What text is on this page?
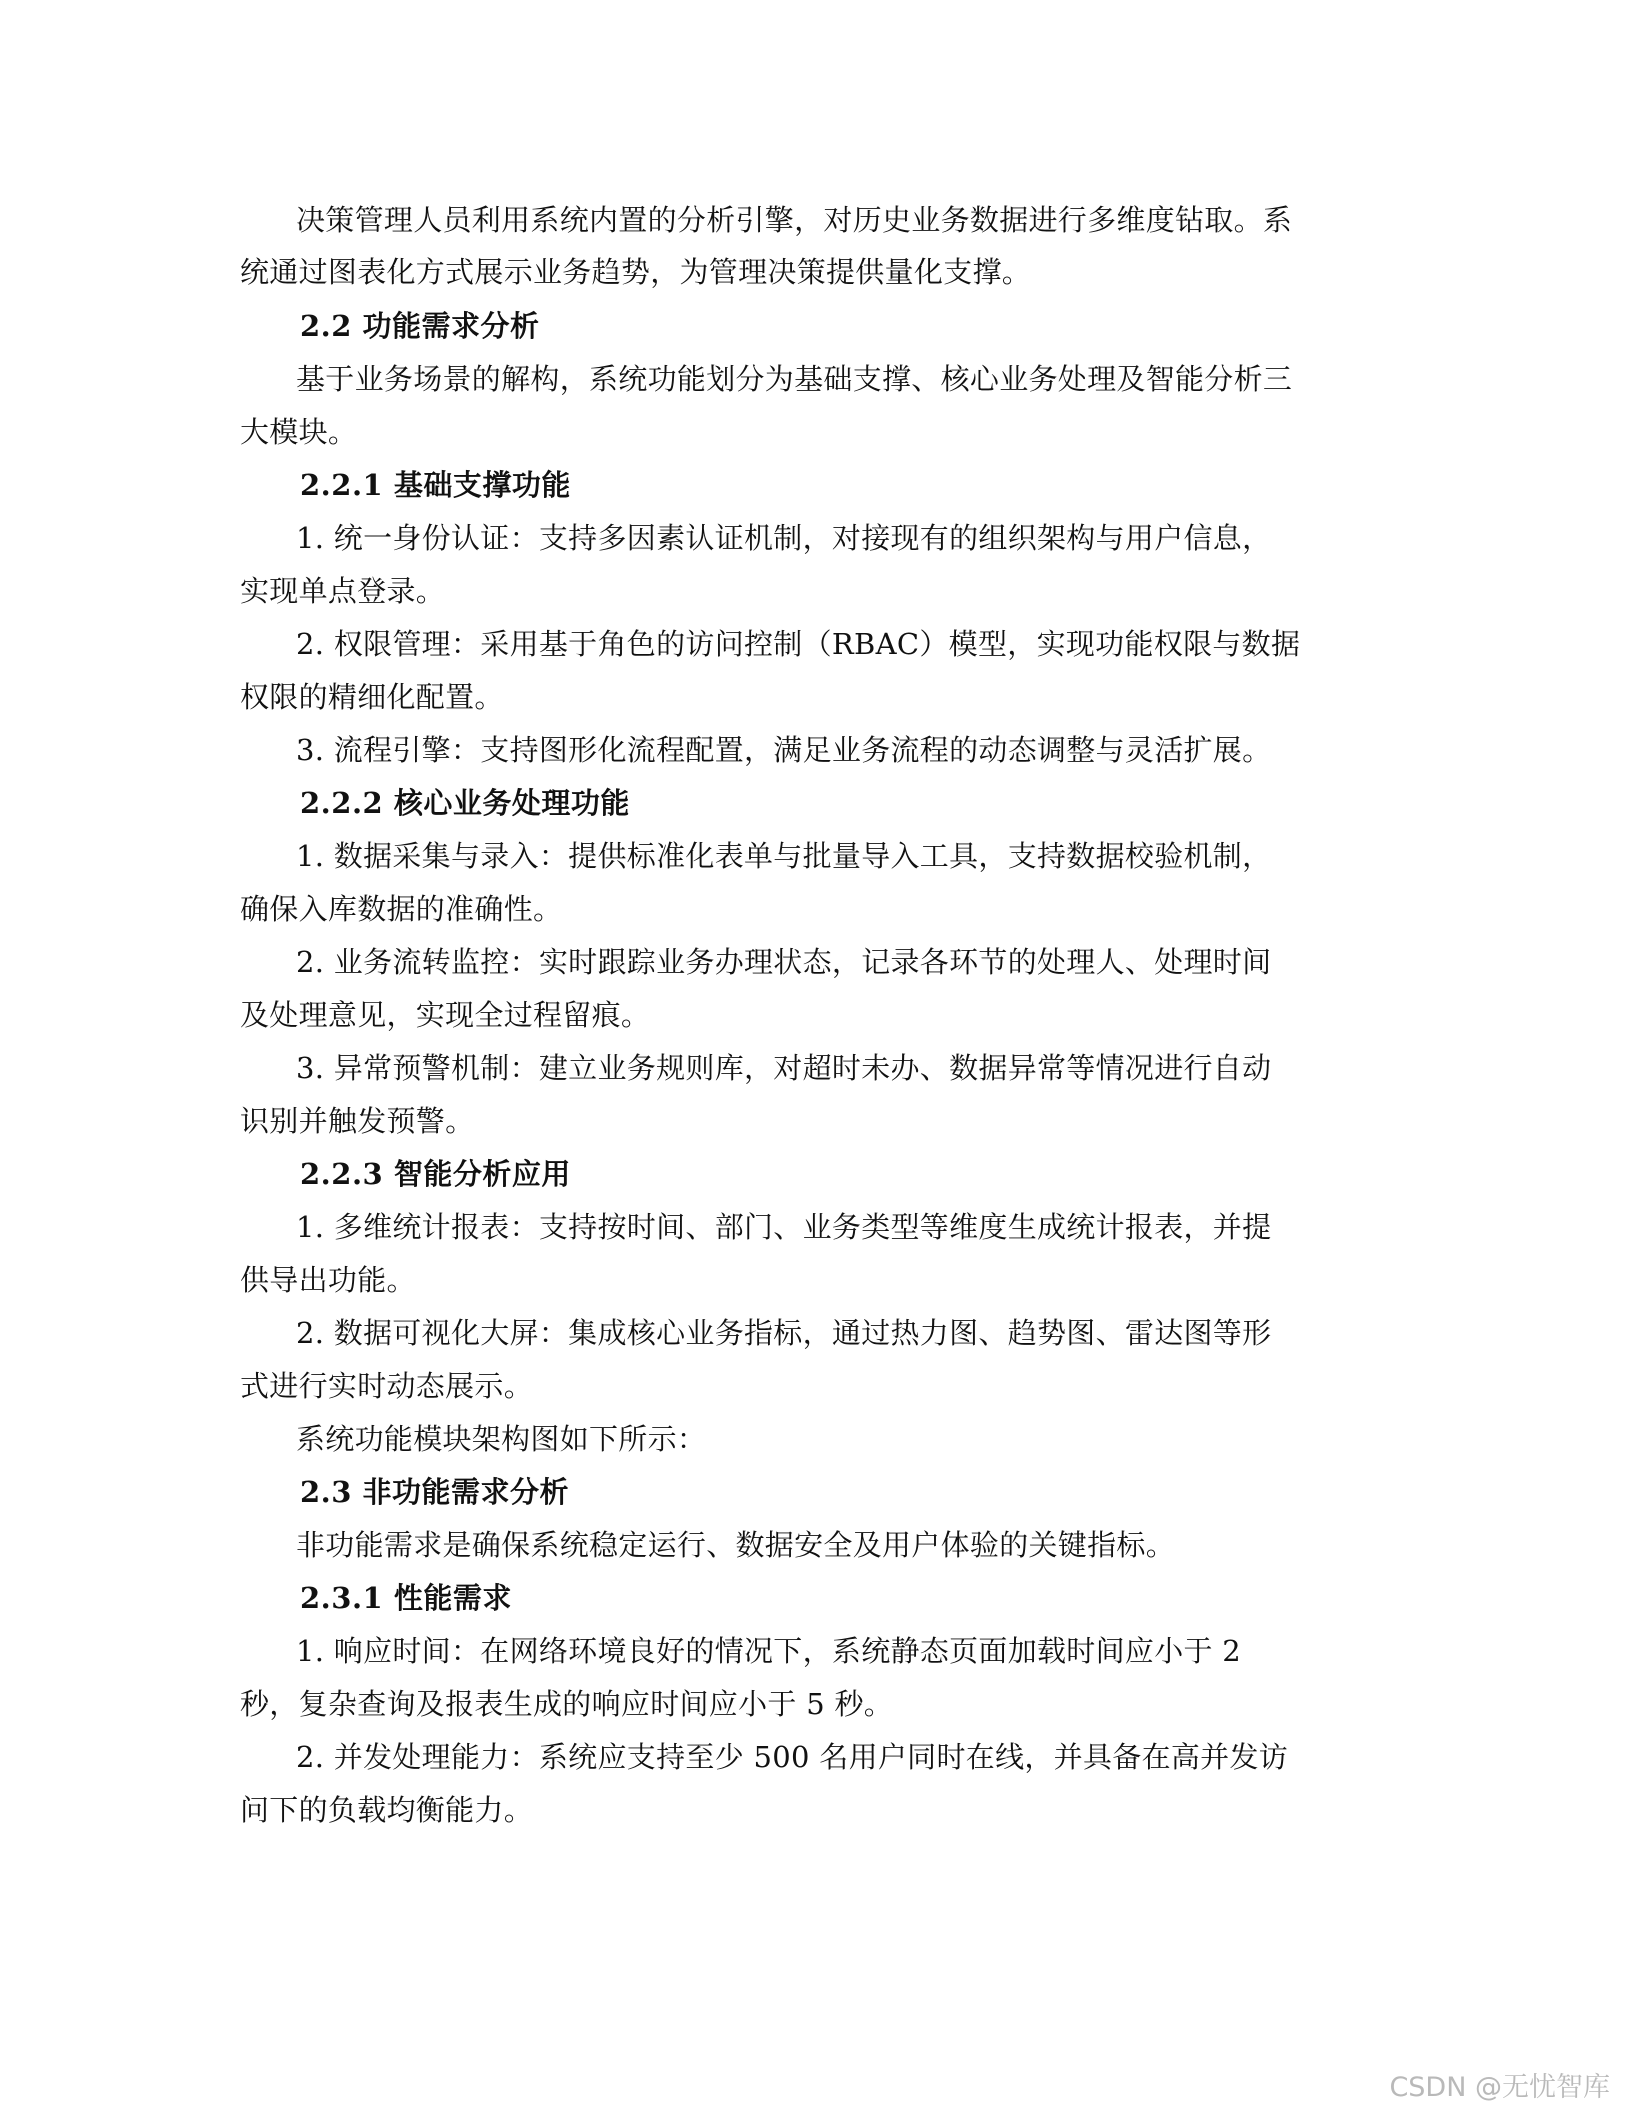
决策管理人员利用系统内置的分析引擎，对历史业务数据进行多维度钻取。系
统通过图表化方式展示业务趋势，为管理决策提供量化支撑。
2.2 功能需求分析
基于业务场景的解构，系统功能划分为基础支撑、核心业务处理及智能分析三
大模块。
2.2.1 基础支撑功能
1. 统一身份认证：支持多因素认证机制，对接现有的组织架构与用户信息，
实现单点登录。
2. 权限管理：采用基于角色的访问控制（RBAC）模型，实现功能权限与数据
权限的精细化配置。
3. 流程引擎：支持图形化流程配置，满足业务流程的动态调整与灵活扩展。
2.2.2 核心业务处理功能
1. 数据采集与录入：提供标准化表单与批量导入工具，支持数据校验机制，
确保入库数据的准确性。
2. 业务流转监控：实时跟踪业务办理状态，记录各环节的处理人、处理时间
及处理意见，实现全过程留痕。
3. 异常预警机制：建立业务规则库，对超时未办、数据异常等情况进行自动
识别并触发预警。
2.2.3 智能分析应用
1. 多维统计报表：支持按时间、部门、业务类型等维度生成统计报表，并提
供导出功能。
2. 数据可视化大屏：集成核心业务指标，通过热力图、趋势图、雷达图等形
式进行实时动态展示。
系统功能模块架构图如下所示：
2.3 非功能需求分析
非功能需求是确保系统稳定运行、数据安全及用户体验的关键指标。
2.3.1 性能需求
1. 响应时间：在网络环境良好的情况下，系统静态页面加载时间应小于 2
秒，复杂查询及报表生成的响应时间应小于 5 秒。
2. 并发处理能力：系统应支持至少 500 名用户同时在线，并具备在高并发访
问下的负载均衡能力。
CSDN @无忧智库
